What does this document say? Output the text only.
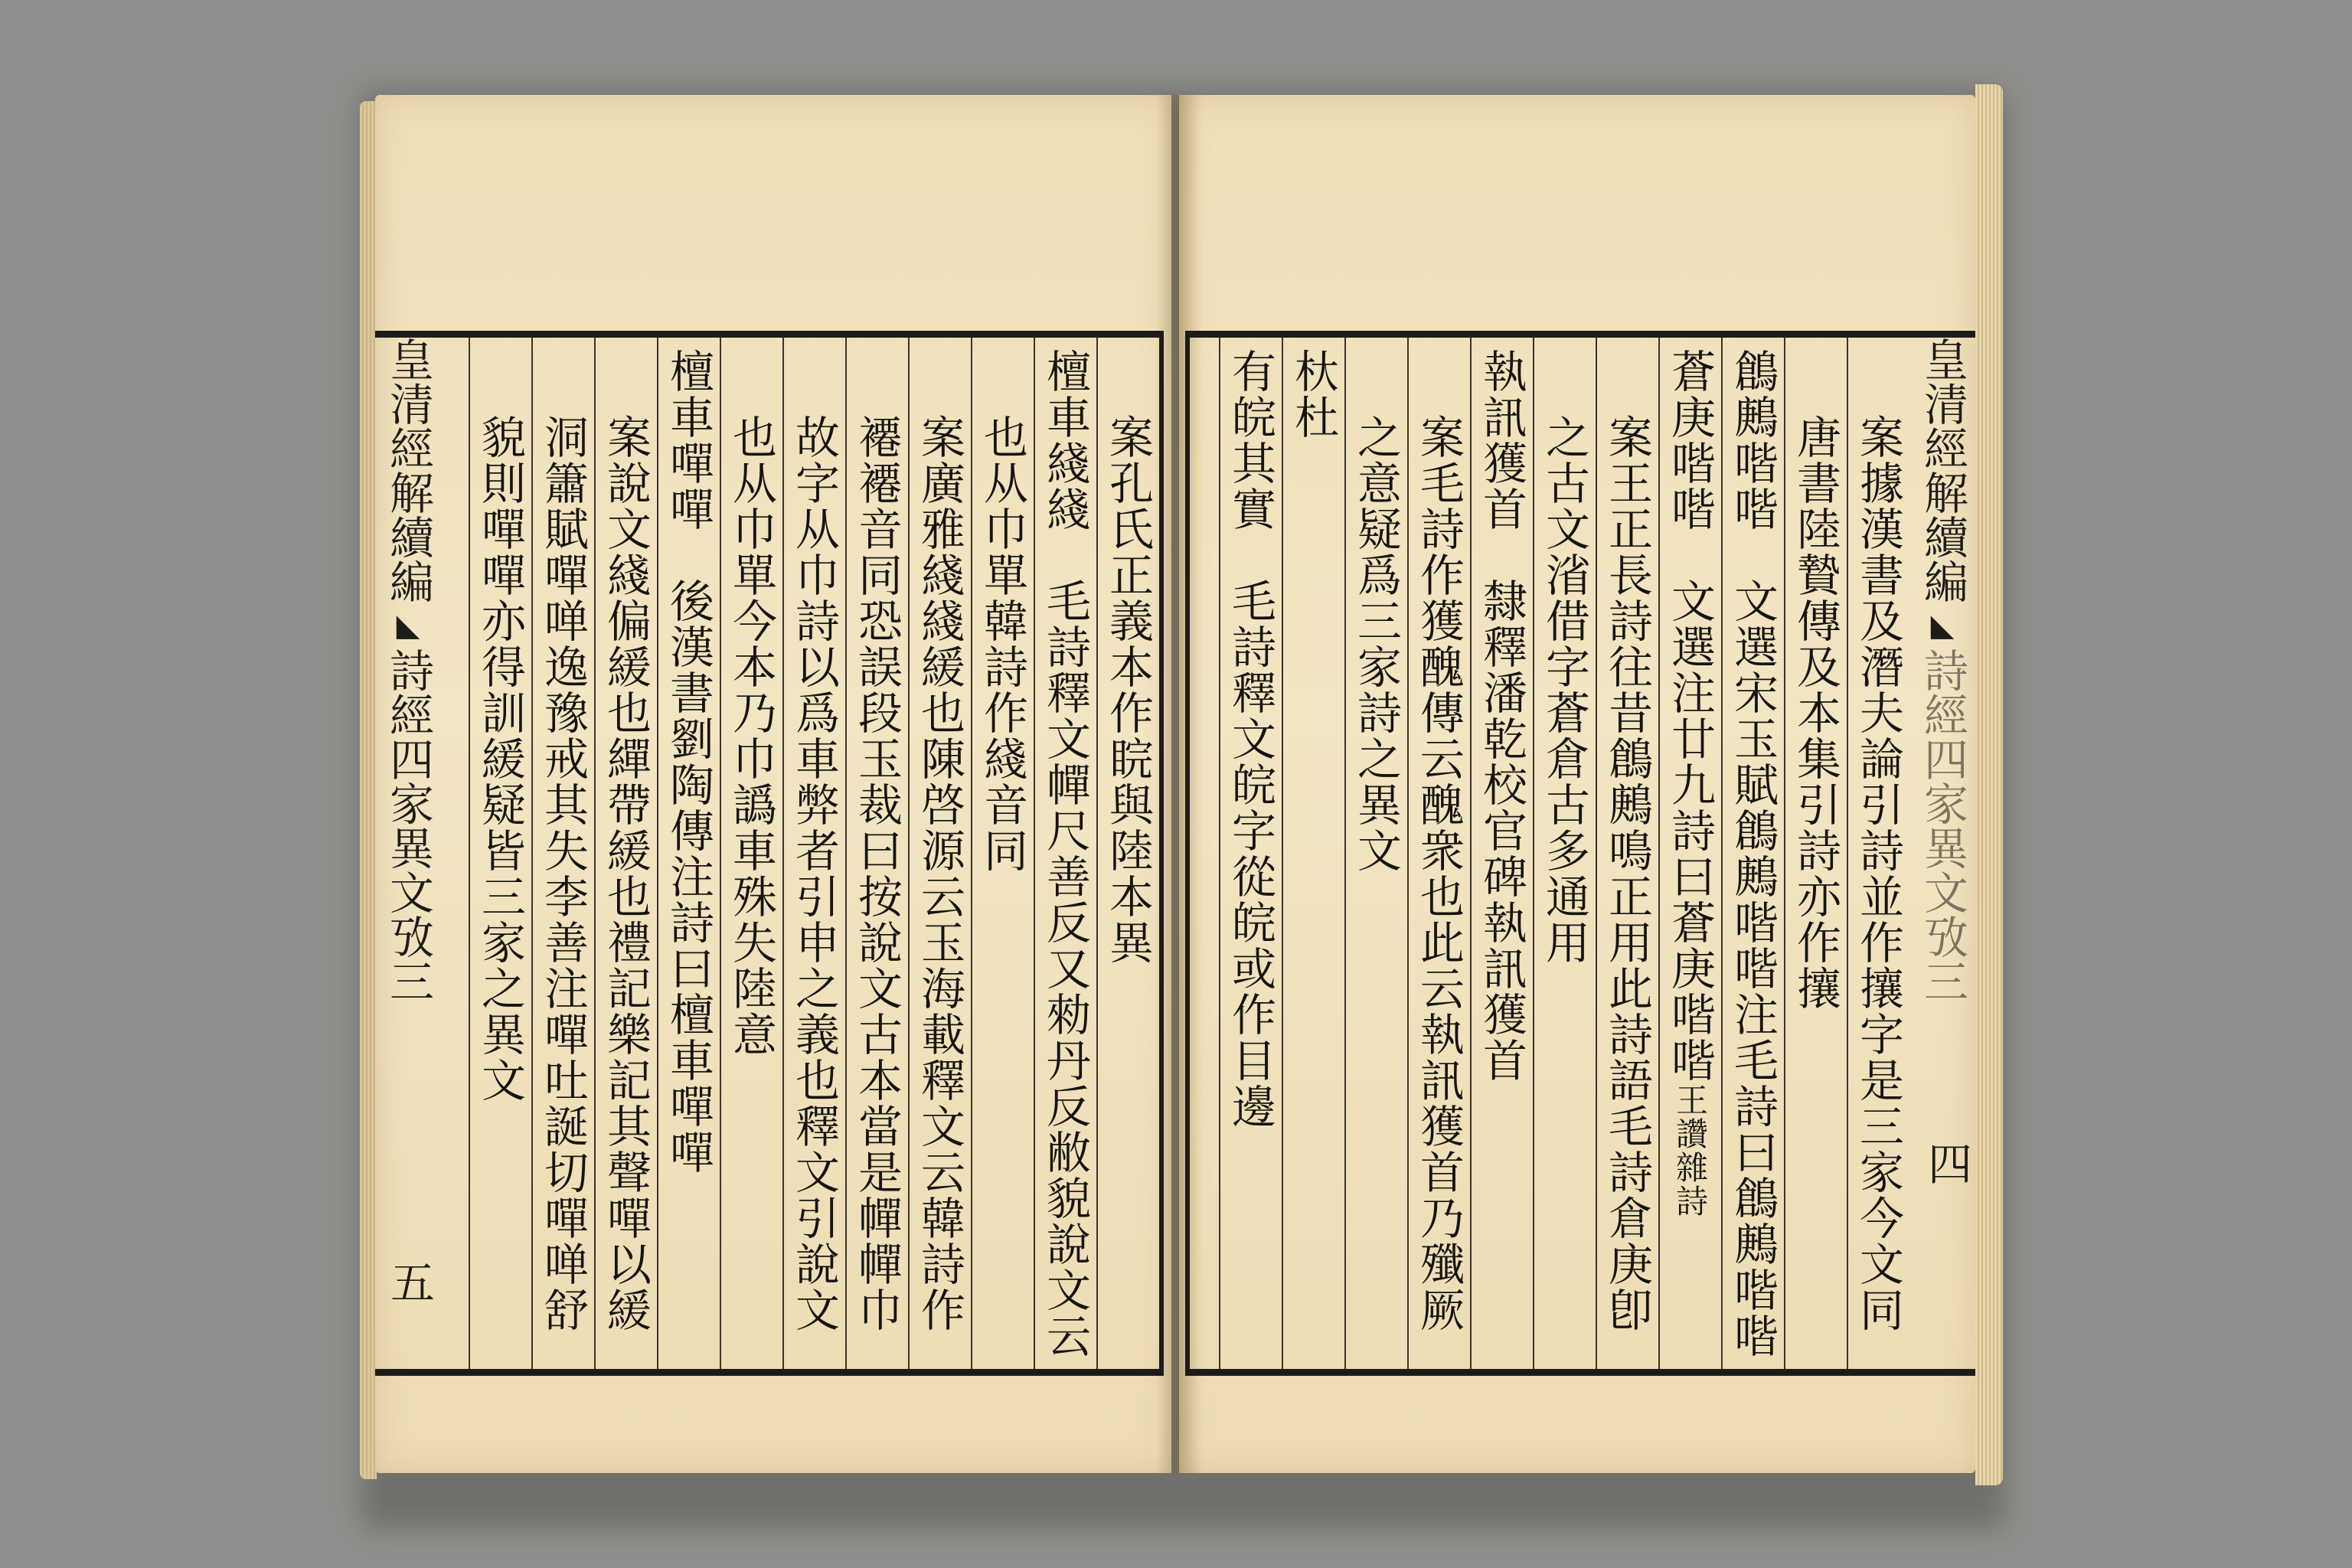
案據漢書及潛夫論引詩並作攘字是三家今文同
唐書陸贄傳及本集引詩亦作攘
鶬鶊喈喈　文選宋玉賦鶬鶊喈喈注毛詩曰鶬鶊喈喈
蒼庚喈喈　文選注廿九詩曰蒼庚喈喈王讚雜詩
案王正長詩往昔鶬鶊鳴正用此詩語毛詩倉庚卽
之古文渻借字蒼倉古多通用
執訊獲首　隸釋潘乾校官碑執訊獲首
案毛詩作獲醜傳云醜衆也此云執訊獲首乃殲厥
之意疑爲三家詩之異文
杕杜
有皖其實　毛詩釋文皖字從皖或作目邊	皇清經解續編◣詩經四家異文攷三
四
案孔氏正義本作睆與陸本異
檀車綫綫　毛詩釋文幝尺善反又勑丹反敝貌說文云
也从巾單韓詩作綫音同
案廣雅綫綫緩也陳啓源云玉海載釋文云韓詩作
褼褼音同恐誤段玉裁曰按說文古本當是幝幝巾
故字从巾詩以爲車弊者引申之義也釋文引說文
也从巾單今本乃巾譌車殊失陸意
檀車嘽嘽　後漢書劉陶傳注詩曰檀車嘽嘽
案說文綫偏緩也繟帶緩也禮記樂記其聲嘽以緩
洞簫賦嘽啴逸豫戒其失李善注嘽吐誕切嘽啴舒
貌則嘽嘽亦得訓緩疑皆三家之異文
皇清經解續編◣詩經四家異文攷三
五
